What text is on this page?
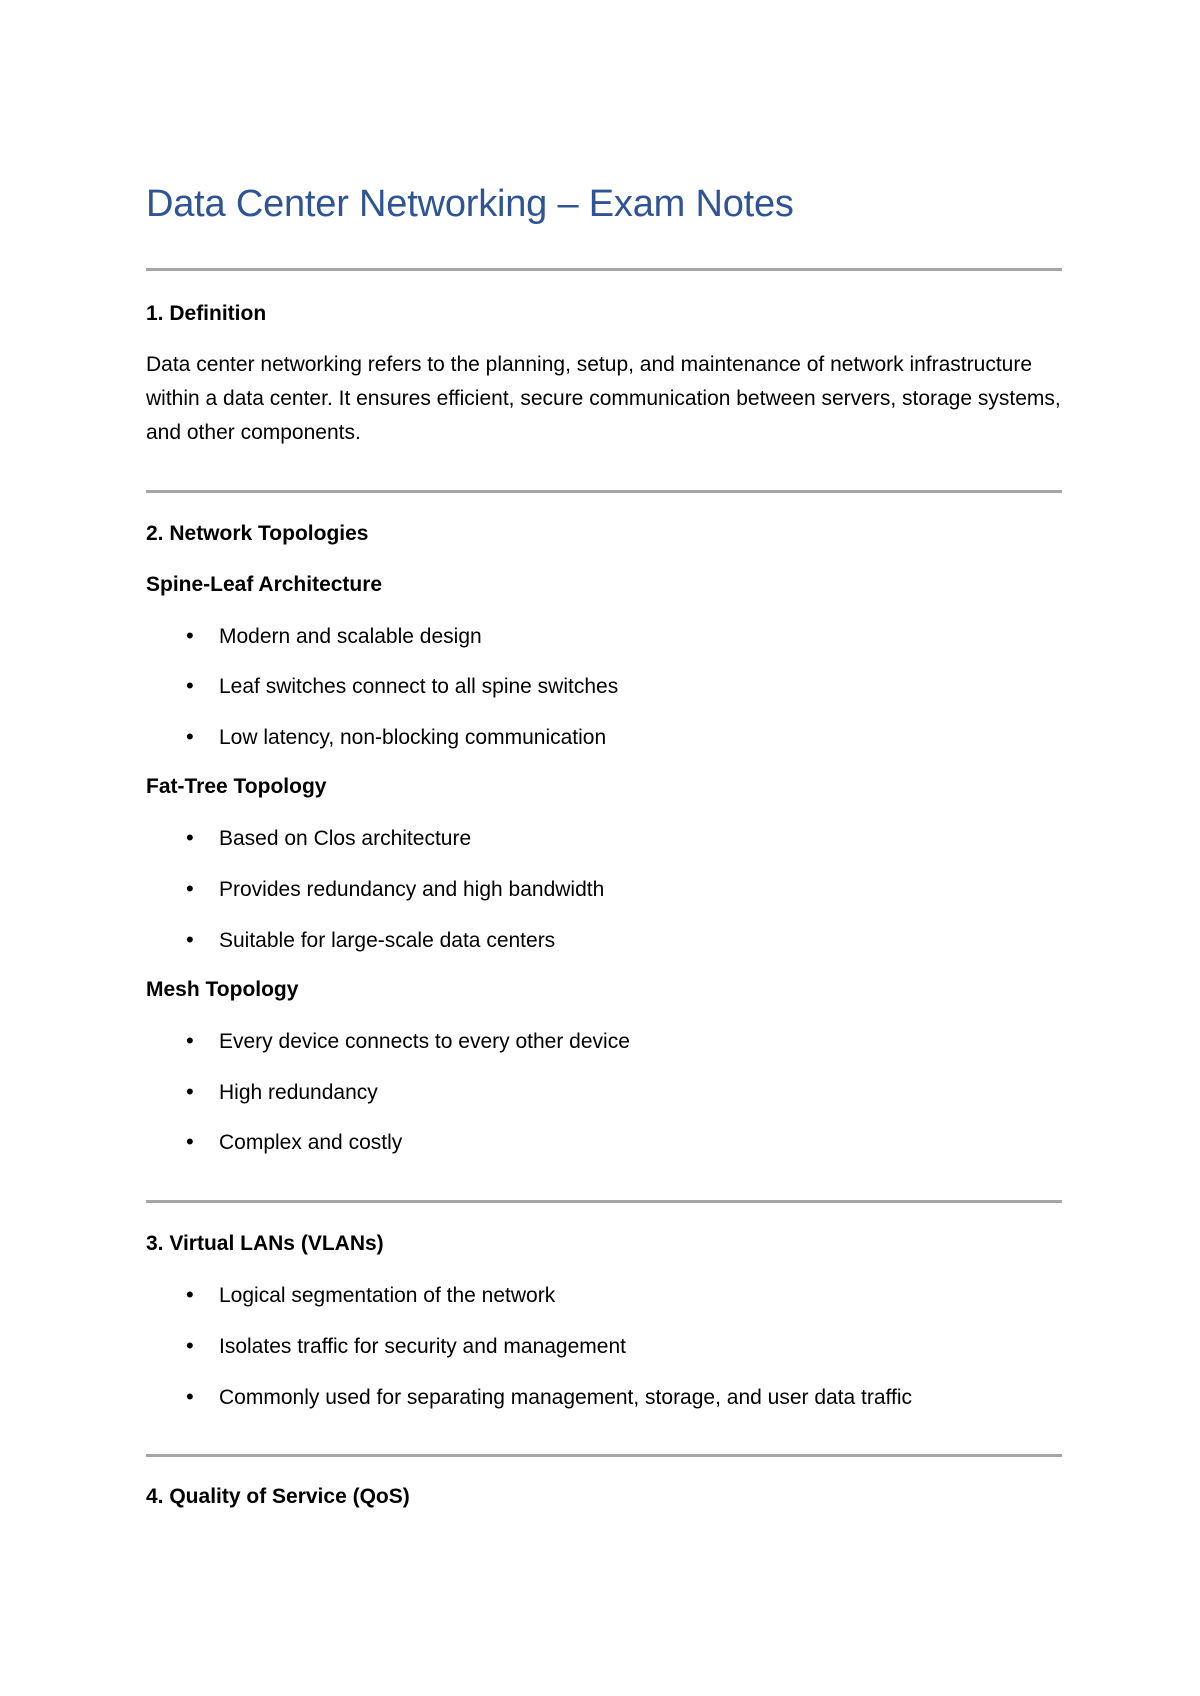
Data Center Networking – Exam Notes
1. Definition
Data center networking refers to the planning, setup, and maintenance of network infrastructure within a data center. It ensures efficient, secure communication between servers, storage systems, and other components.
2. Network Topologies
Spine-Leaf Architecture
• Modern and scalable design
• Leaf switches connect to all spine switches
• Low latency, non-blocking communication
Fat-Tree Topology
• Based on Clos architecture
• Provides redundancy and high bandwidth
• Suitable for large-scale data centers
Mesh Topology
• Every device connects to every other device
• High redundancy
• Complex and costly
3. Virtual LANs (VLANs)
• Logical segmentation of the network
• Isolates traffic for security and management
• Commonly used for separating management, storage, and user data traffic
4. Quality of Service (QoS)
